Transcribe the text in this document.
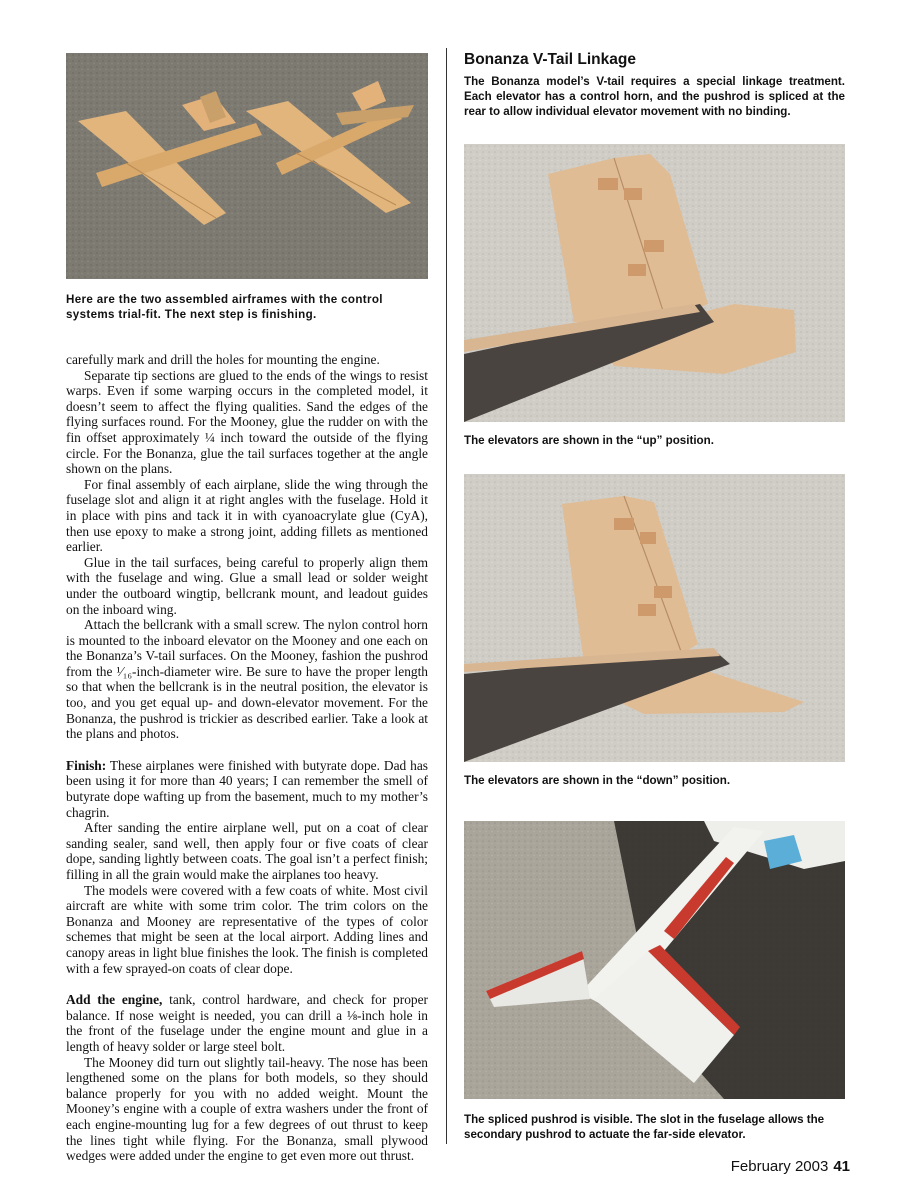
Here are the two assembled airframes with the control systems trial-fit. The next step is finishing.

carefully mark and drill the holes for mounting the engine.

Separate tip sections are glued to the ends of the wings to resist warps. Even if some warping occurs in the completed model, it doesn’t seem to affect the flying qualities. Sand the edges of the flying surfaces round. For the Mooney, glue the rudder on with the fin offset approximately ¼ inch toward the outside of the flying circle. For the Bonanza, glue the tail surfaces together at the angle shown on the plans.

For final assembly of each airplane, slide the wing through the fuselage slot and align it at right angles with the fuselage. Hold it in place with pins and tack it in with cyanoacrylate glue (CyA), then use epoxy to make a strong joint, adding fillets as mentioned earlier.

Glue in the tail surfaces, being careful to properly align them with the fuselage and wing. Glue a small lead or solder weight under the outboard wingtip, bellcrank mount, and leadout guides on the inboard wing.

Attach the bellcrank with a small screw. The nylon control horn is mounted to the inboard elevator on the Mooney and one each on the Bonanza’s V-tail surfaces. On the Mooney, fashion the pushrod from the ¹⁄₁₆-inch-diameter wire. Be sure to have the proper length so that when the bellcrank is in the neutral position, the elevator is too, and you get equal up- and down-elevator movement. For the Bonanza, the pushrod is trickier as described earlier. Take a look at the plans and photos.

Finish: These airplanes were finished with butyrate dope. Dad has been using it for more than 40 years; I can remember the smell of butyrate dope wafting up from the basement, much to my mother’s chagrin.

After sanding the entire airplane well, put on a coat of clear sanding sealer, sand well, then apply four or five coats of clear dope, sanding lightly between coats. The goal isn’t a perfect finish; filling in all the grain would make the airplanes too heavy.

The models were covered with a few coats of white. Most civil aircraft are white with some trim color. The trim colors on the Bonanza and Mooney are representative of the types of color schemes that might be seen at the local airport. Adding lines and canopy areas in light blue finishes the look. The finish is completed with a few sprayed-on coats of clear dope.

Add the engine, tank, control hardware, and check for proper balance. If nose weight is needed, you can drill a ⅛-inch hole in the front of the fuselage under the engine mount and glue in a length of heavy solder or large steel bolt.

The Mooney did turn out slightly tail-heavy. The nose has been lengthened some on the plans for both models, so they should balance properly for you with no added weight. Mount the Mooney’s engine with a couple of extra washers under the front of each engine-mounting lug for a few degrees of out thrust to keep the lines tight while flying. For the Bonanza, small plywood wedges were added under the engine to get even more out thrust.

Bonanza V-Tail Linkage
The Bonanza model’s V-tail requires a special linkage treatment. Each elevator has a control horn, and the pushrod is spliced at the rear to allow individual elevator movement with no binding.
The elevators are shown in the “up” position.
The elevators are shown in the “down” position.
The spliced pushrod is visible. The slot in the fuselage allows the secondary pushrod to actuate the far-side elevator.
February 2003 41
